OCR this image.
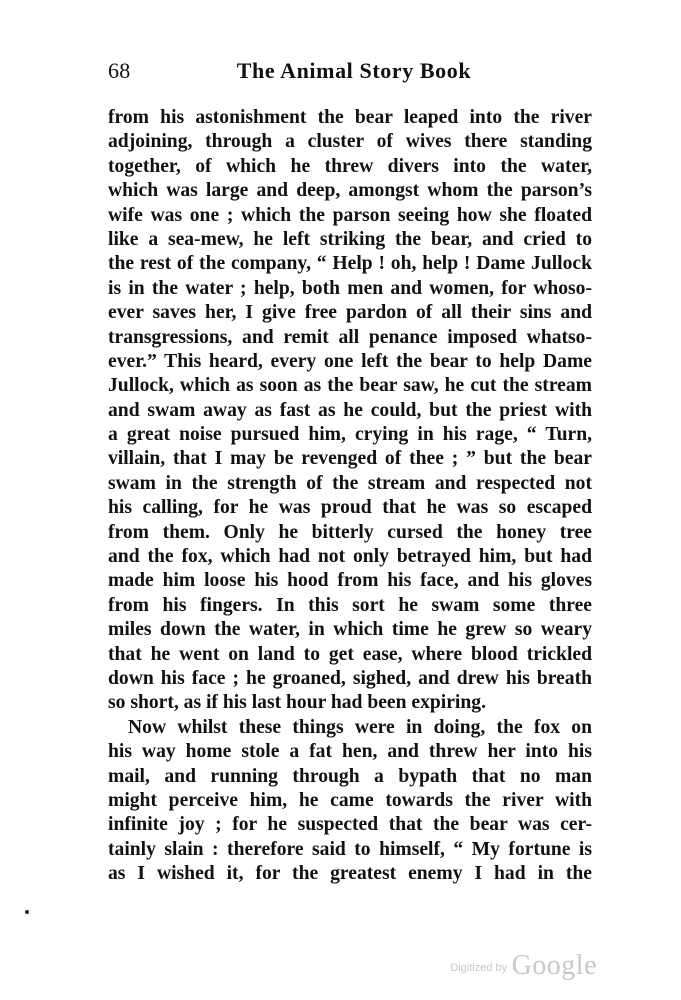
68	The Animal Story Book
from his astonishment the bear leaped into the river
adjoining, through a cluster of wives there standing
together, of which he threw divers into the water,
which was large and deep, amongst whom the parson’s
wife was one ; which the parson seeing how she floated
like a sea-mew, he left striking the bear, and cried to
the rest of the company, “ Help ! oh, help ! Dame Jullock
is in the water ; help, both men and women, for whoso-
ever saves her, I give free pardon of all their sins and
transgressions, and remit all penance imposed whatso-
ever.” This heard, every one left the bear to help Dame
Jullock, which as soon as the bear saw, he cut the stream
and swam away as fast as he could, but the priest with
a great noise pursued him, crying in his rage, “ Turn,
villain, that I may be revenged of thee ; ” but the bear
swam in the strength of the stream and respected not
his calling, for he was proud that he was so escaped
from them. Only he bitterly cursed the honey tree
and the fox, which had not only betrayed him, but had
made him loose his hood from his face, and his gloves
from his fingers. In this sort he swam some three
miles down the water, in which time he grew so weary
that he went on land to get ease, where blood trickled
down his face ; he groaned, sighed, and drew his breath
so short, as if his last hour had been expiring.
Now whilst these things were in doing, the fox on
his way home stole a fat hen, and threw her into his
mail, and running through a bypath that no man
might perceive him, he came towards the river with
infinite joy ; for he suspected that the bear was cer-
tainly slain : therefore said to himself, “ My fortune is
as I wished it, for the greatest enemy I had in the
Digitized by Google
